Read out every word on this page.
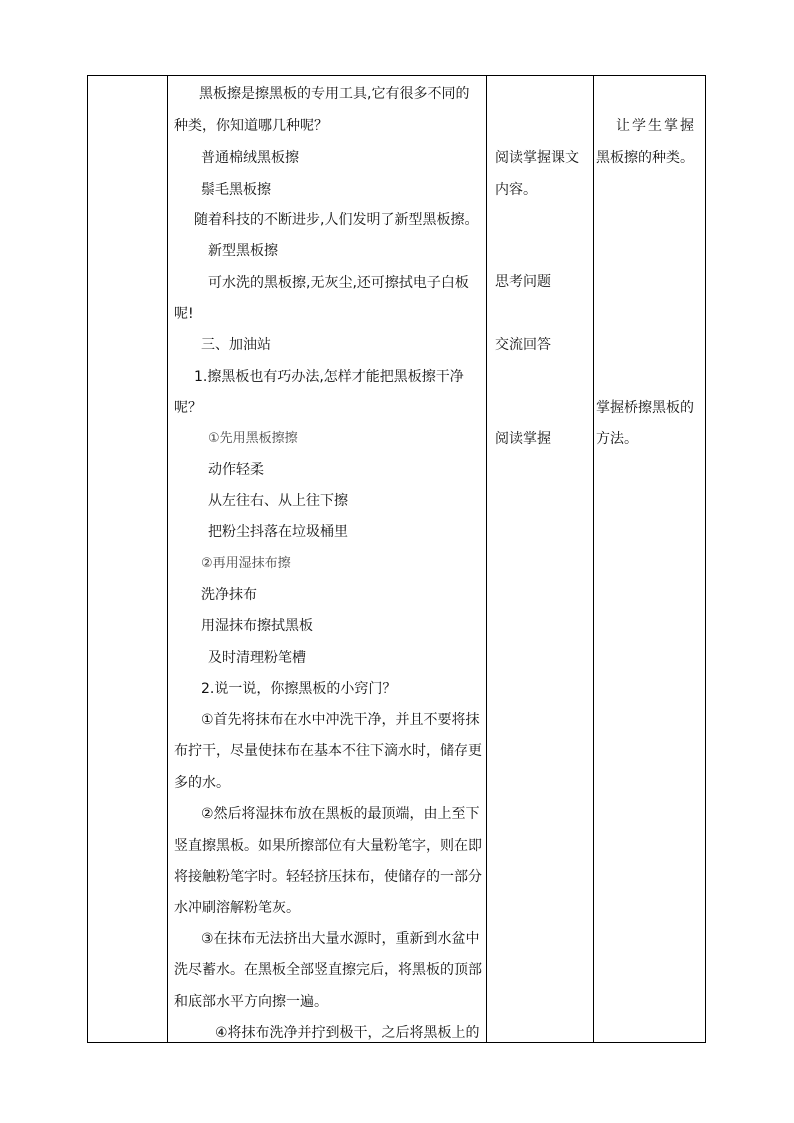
黑板擦是擦黑板的专用工具,它有很多不同的
种类，你知道哪几种呢？
普通棉绒黑板擦
鬃毛黑板擦
随着科技的不断进步,人们发明了新型黑板擦。
新型黑板擦
可水洗的黑板擦,无灰尘,还可擦拭电子白板
呢!
三、加油站
1.擦黑板也有巧办法,怎样才能把黑板擦干净
呢？
①先用黑板擦擦
动作轻柔
从左往右、从上往下擦
把粉尘抖落在垃圾桶里
②再用湿抹布擦
洗净抹布
用湿抹布擦拭黑板
及时清理粉笔槽
2.说一说，你擦黑板的小窍门？
①首先将抹布在水中冲洗干净，并且不要将抹
布拧干，尽量使抹布在基本不往下滴水时，储存更
多的水。
②然后将湿抹布放在黑板的最顶端，由上至下
竖直擦黑板。如果所擦部位有大量粉笔字，则在即
将接触粉笔字时。轻轻挤压抹布，使储存的一部分
水冲刷溶解粉笔灰。
③在抹布无法挤出大量水源时，重新到水盆中
洗尽蓄水。在黑板全部竖直擦完后，将黑板的顶部
和底部水平方向擦一遍。
④将抹布洗净并拧到极干，之后将黑板上的
阅读掌握课文
内容。
思考问题
交流回答
阅读掌握
让学生掌握
黑板擦的种类。
掌握桥擦黑板的
方法。
